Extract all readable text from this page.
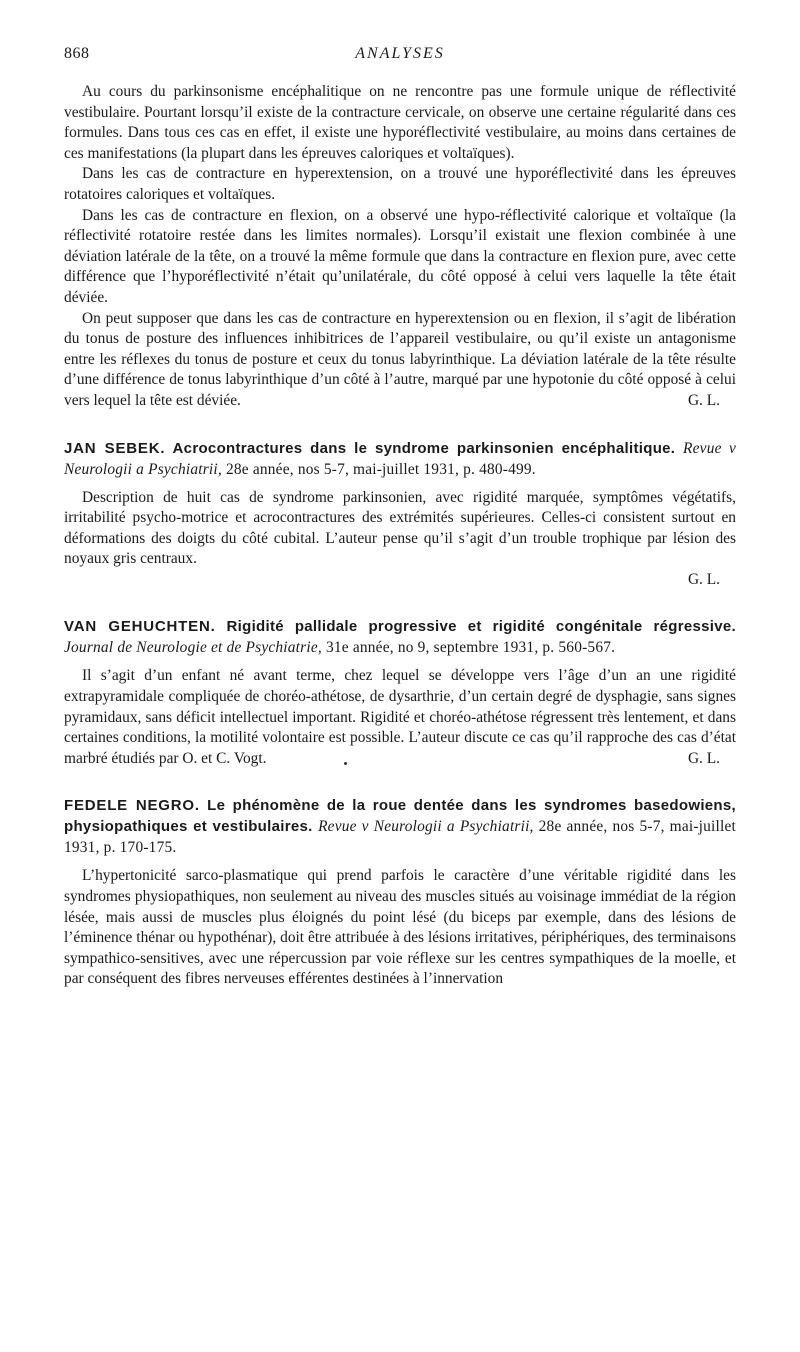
868	ANALYSES

Au cours du parkinsonisme encéphalitique on ne rencontre pas une formule unique de réflectivité vestibulaire. Pourtant lorsqu’il existe de la contracture cervicale, on observe une certaine régularité dans ces formules. Dans tous ces cas en effet, il existe une hyporéflectivité vestibulaire, au moins dans certaines de ces manifestations (la plupart dans les épreuves caloriques et voltaïques).

Dans les cas de contracture en hyperextension, on a trouvé une hyporéflectivité dans les épreuves rotatoires caloriques et voltaïques.

Dans les cas de contracture en flexion, on a observé une hypo-réflectivité calorique et voltaïque (la réflectivité rotatoire restée dans les limites normales). Lorsqu’il existait une flexion combinée à une déviation latérale de la tête, on a trouvé la même formule que dans la contracture en flexion pure, avec cette différence que l’hyporéflectivité n’était qu’unilatérale, du côté opposé à celui vers laquelle la tête était déviée.

On peut supposer que dans les cas de contracture en hyperextension ou en flexion, il s’agit de libération du tonus de posture des influences inhibitrices de l’appareil vestibulaire, ou qu’il existe un antagonisme entre les réflexes du tonus de posture et ceux du tonus labyrinthique. La déviation latérale de la tête résulte d’une différence de tonus labyrinthique d’un côté à l’autre, marqué par une hypotonie du côté opposé à celui vers lequel la tête est déviée.	G. L.

JAN SEBEK. Acrocontractures dans le syndrome parkinsonien encéphalitique. Revue v Neurologii a Psychiatrii, 28e année, nos 5-7, mai-juillet 1931, p. 480-499.

Description de huit cas de syndrome parkinsonien, avec rigidité marquée, symptômes végétatifs, irritabilité psycho-motrice et acrocontractures des extrémités supérieures. Celles-ci consistent surtout en déformations des doigts du côté cubital. L’auteur pense qu’il s’agit d’un trouble trophique par lésion des noyaux gris centraux.

G. L.

VAN GEHUCHTEN. Rigidité pallidale progressive et rigidité congénitale régressive. Journal de Neurologie et de Psychiatrie, 31e année, no 9, septembre 1931, p. 560-567.

Il s’agit d’un enfant né avant terme, chez lequel se développe vers l’âge d’un an une rigidité extrapyramidale compliquée de choréo-athétose, de dysarthrie, d’un certain degré de dysphagie, sans signes pyramidaux, sans déficit intellectuel important. Rigidité et choréo-athétose régressent très lentement, et dans certaines conditions, la motilité volontaire est possible. L’auteur discute ce cas qu’il rapproche des cas d’état marbré étudiés par O. et C. Vogt.	G. L.

FEDELE NEGRO. Le phénomène de la roue dentée dans les syndromes basedowiens, physiopathiques et vestibulaires. Revue v Neurologii a Psychiatrii, 28e année, nos 5-7, mai-juillet 1931, p. 170-175.

L’hypertonicité sarco-plasmatique qui prend parfois le caractère d’une véritable rigidité dans les syndromes physiopathiques, non seulement au niveau des muscles situés au voisinage immédiat de la région lésée, mais aussi de muscles plus éloignés du point lésé (du biceps par exemple, dans des lésions de l’éminence thénar ou hypothénar), doit être attribuée à des lésions irritatives, périphériques, des terminaisons sympathico-sensitives, avec une répercussion par voie réflexe sur les centres sympathiques de la moelle, et par conséquent des fibres nerveuses efférentes destinées à l’innervation
